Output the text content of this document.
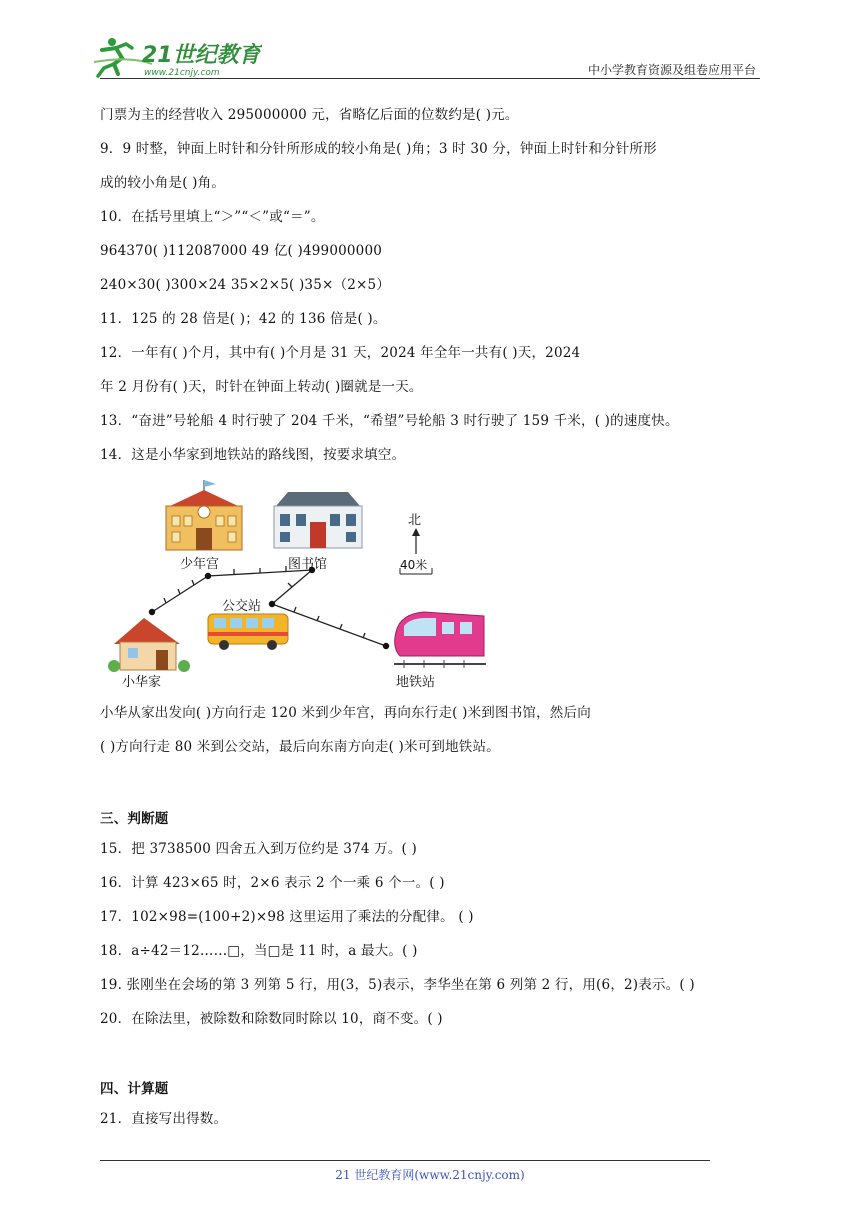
21世纪教育
www.21cnjy.com	中小学教育资源及组卷应用平台
门票为主的经营收入 295000000 元，省略亿后面的位数约是( )元。
9．9 时整，钟面上时针和分针所形成的较小角是( )角；3 时 30 分，钟面上时针和分针所形
成的较小角是( )角。
10．在括号里填上“＞”“＜”或“＝”。
964370( )112087000 49 亿( )499000000
240×30( )300×24 35×2×5( )35×（2×5）
11．125 的 28 倍是( )；42 的 136 倍是( )。
12．一年有( )个月，其中有( )个月是 31 天，2024 年全年一共有( )天，2024
年 2 月份有( )天，时针在钟面上转动( )圈就是一天。
13．“奋进”号轮船 4 时行驶了 204 千米，“希望”号轮船 3 时行驶了 159 千米，( )的速度快。
14．这是小华家到地铁站的路线图，按要求填空。
少年宫	图书馆
公交站
小华家	地铁站
北
40米
小华从家出发向( )方向行走 120 米到少年宫，再向东行走( )米到图书馆，然后向
( )方向行走 80 米到公交站，最后向东南方向走( )米可到地铁站。
三、判断题
15．把 3738500 四舍五入到万位约是 374 万。( )
16．计算 423×65 时，2×6 表示 2 个一乘 6 个一。( )
17．102×98=(100+2)×98 这里运用了乘法的分配律。 ( )
18．a÷42＝12……□，当□是 11 时，a 最大。( )
19. 张刚坐在会场的第 3 列第 5 行，用(3，5)表示，李华坐在第 6 列第 2 行，用(6，2)表示。( )
20．在除法里，被除数和除数同时除以 10，商不变。( )
四、计算题
21．直接写出得数。
21 世纪教育网(www.21cnjy.com)
